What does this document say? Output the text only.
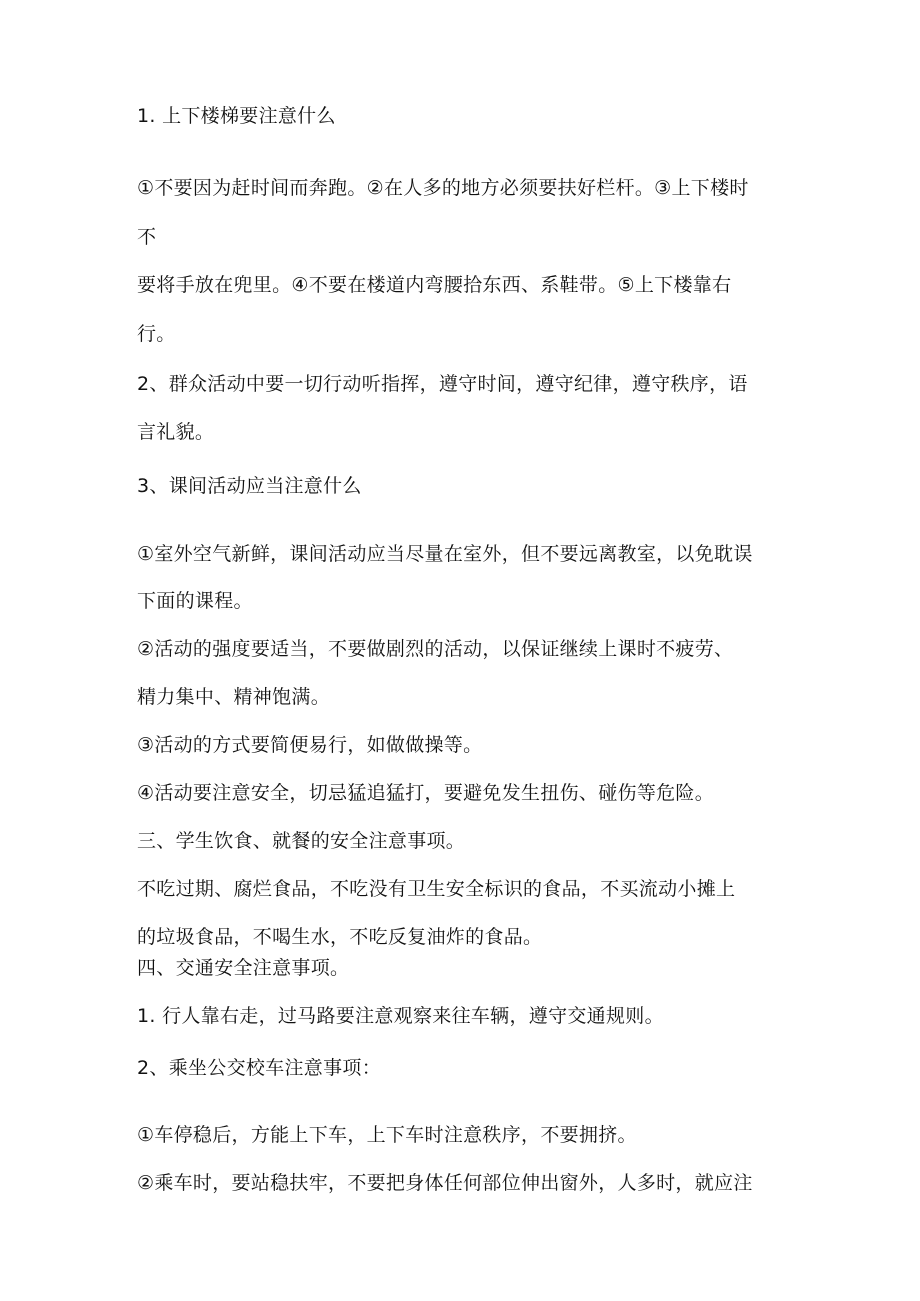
1. 上下楼梯要注意什么
①不要因为赶时间而奔跑。②在人多的地方必须要扶好栏杆。③上下楼时
不
要将手放在兜里。④不要在楼道内弯腰拾东西、系鞋带。⑤上下楼靠右
行。
2、群众活动中要一切行动听指挥，遵守时间，遵守纪律，遵守秩序，语
言礼貌。
3、课间活动应当注意什么
①室外空气新鲜，课间活动应当尽量在室外，但不要远离教室，以免耽误
下面的课程。
②活动的强度要适当，不要做剧烈的活动，以保证继续上课时不疲劳、
精力集中、精神饱满。
③活动的方式要简便易行，如做做操等。
④活动要注意安全，切忌猛追猛打，要避免发生扭伤、碰伤等危险。
三、学生饮食、就餐的安全注意事项。
不吃过期、腐烂食品，不吃没有卫生安全标识的食品，不买流动小摊上
的垃圾食品，不喝生水，不吃反复油炸的食品。
四、交通安全注意事项。
1. 行人靠右走，过马路要注意观察来往车辆，遵守交通规则。
2、乘坐公交校车注意事项：
①车停稳后，方能上下车，上下车时注意秩序，不要拥挤。
②乘车时，要站稳扶牢，不要把身体任何部位伸出窗外，人多时，就应注
